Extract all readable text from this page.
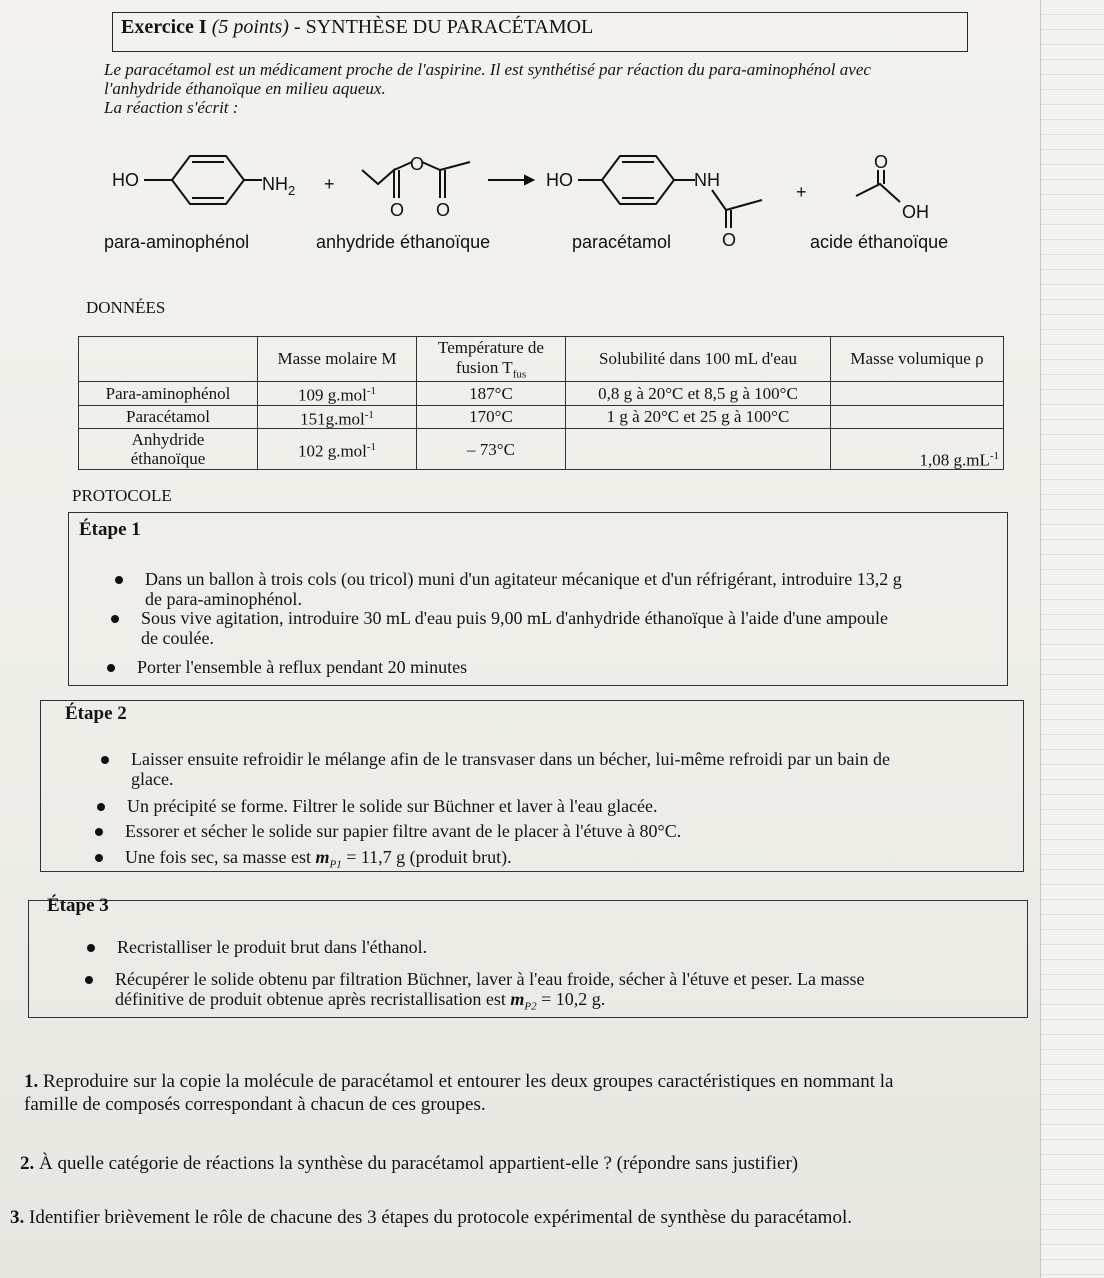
Exercice I (5 points) - SYNTHÈSE DU PARACÉTAMOL
Le paracétamol est un médicament proche de l'aspirine. Il est synthétisé par réaction du para-aminophénol avec
l'anhydride éthanoïque en milieu aqueux.
La réaction s'écrit :
HO	$NH_2$ +
O
O O
HO	NH
O
+
O
OH
para-aminophénol	anhydride éthanoïque	paracétamol	acide éthanoïque
DONNÉES
	Masse molaire M	Température de fusion $T_{fus}$	Solubilité dans 100 mL d'eau	Masse volumique ρ
Para-aminophénol	109 g.mol$^{-1}$	187°C	0,8 g à 20°C et 8,5 g à 100°C	
Paracétamol	151g.mol$^{-1}$	170°C	1 g à 20°C et 25 g à 100°C	

Anhydride
éthanoïque	102 g.mol$^{-1}$	– 73°C		1,08 $g.mL^{-1}$
PROTOCOLE
Étape 1
Dans un ballon à trois cols (ou tricol) muni d'un agitateur mécanique et d'un réfrigérant, introduire 13,2 g
de para-aminophénol.
Sous vive agitation, introduire 30 mL d'eau puis 9,00 mL d'anhydride éthanoïque à l'aide d'une ampoule
de coulée.
Porter l'ensemble à reflux pendant 20 minutes
Étape 2
Laisser ensuite refroidir le mélange afin de le transvaser dans un bécher, lui-même refroidi par un bain de
glace.
Un précipité se forme. Filtrer le solide sur Büchner et laver à l'eau glacée.
Essorer et sécher le solide sur papier filtre avant de le placer à l'étuve à 80°C.
Une fois sec, sa masse est $m_{P1} = 11,7$ g (produit brut).
Étape 3
Recristalliser le produit brut dans l'éthanol.
Récupérer le solide obtenu par filtration Büchner, laver à l'eau froide, sécher à l'étuve et peser. La masse
définitive de produit obtenue après recristallisation est $m_{P2} = 10,2$ g.
1. Reproduire sur la copie la molécule de paracétamol et entourer les deux groupes caractéristiques en nommant la
famille de composés correspondant à chacun de ces groupes.
2. À quelle catégorie de réactions la synthèse du paracétamol appartient-elle ? (répondre sans justifier)
3. Identifier brièvement le rôle de chacune des 3 étapes du protocole expérimental de synthèse du paracétamol.
